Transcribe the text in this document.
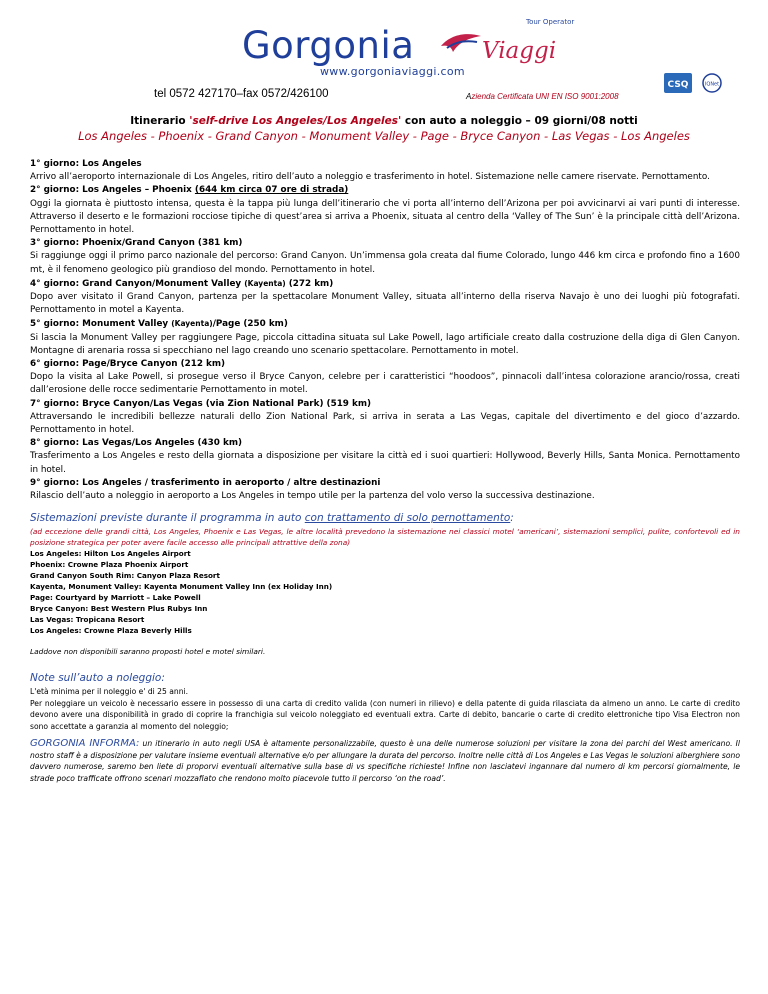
Tour Operator
Gorgonia	Viaggi
www.gorgoniaviaggi.com
CSQ	IQNet
tel 0572 427170–fax 0572/426100	Azienda Certificata UNI EN ISO 9001:2008
Itinerario 'self-drive Los Angeles/Los Angeles' con auto a noleggio – 09 giorni/08 notti
Los Angeles - Phoenix - Grand Canyon - Monument Valley - Page - Bryce Canyon - Las Vegas - Los Angeles
1° giorno: Los Angeles

Arrivo all’aeroporto internazionale di Los Angeles, ritiro dell’auto a noleggio e trasferimento in hotel. Sistemazione nelle camere riservate. Pernottamento.

2° giorno: Los Angeles – Phoenix (644 km circa 07 ore di strada)

Oggi la giornata è piuttosto intensa, questa è la tappa più lunga dell’itinerario che vi porta all’interno dell’Arizona per poi avvicinarvi ai vari punti di interesse. Attraverso il deserto e le formazioni rocciose tipiche di quest’area si arriva a Phoenix, situata al centro della ‘Valley of The Sun’ è la principale città dell’Arizona. Pernottamento in hotel.

3° giorno: Phoenix/Grand Canyon (381 km)

Si raggiunge oggi il primo parco nazionale del percorso: Grand Canyon. Un’immensa gola creata dal fiume Colorado, lungo 446 km circa e profondo fino a 1600 mt, è il fenomeno geologico più grandioso del mondo. Pernottamento in hotel.

4° giorno: Grand Canyon/Monument Valley (Kayenta) (272 km)

Dopo aver visitato il Grand Canyon, partenza per la spettacolare Monument Valley, situata all’interno della riserva Navajo è uno dei luoghi più fotografati. Pernottamento in motel a Kayenta.

5° giorno: Monument Valley (Kayenta)/Page (250 km)

Si lascia la Monument Valley per raggiungere Page, piccola cittadina situata sul Lake Powell, lago artificiale creato dalla costruzione della diga di Glen Canyon. Montagne di arenaria rossa si specchiano nel lago creando uno scenario spettacolare. Pernottamento in motel.

6° giorno: Page/Bryce Canyon (212 km)

Dopo la visita al Lake Powell, si prosegue verso il Bryce Canyon, celebre per i caratteristici “hoodoos”, pinnacoli dall’intesa colorazione arancio/rossa, creati dall’erosione delle rocce sedimentarie Pernottamento in motel.

7° giorno: Bryce Canyon/Las Vegas (via Zion National Park) (519 km)

Attraversando le incredibili bellezze naturali dello Zion National Park, si arriva in serata a Las Vegas, capitale del divertimento e del gioco d’azzardo. Pernottamento in hotel.

8° giorno: Las Vegas/Los Angeles (430 km)

Trasferimento a Los Angeles e resto della giornata a disposizione per visitare la città ed i suoi quartieri: Hollywood, Beverly Hills, Santa Monica. Pernottamento in hotel.

9° giorno: Los Angeles / trasferimento in aeroporto / altre destinazioni

Rilascio dell’auto a noleggio in aeroporto a Los Angeles in tempo utile per la partenza del volo verso la successiva destinazione.

Sistemazioni previste durante il programma in auto con trattamento di solo pernottamento:
(ad eccezione delle grandi città, Los Angeles, Phoenix e Las Vegas, le altre località prevedono la sistemazione nei classici motel ‘americani’, sistemazioni semplici, pulite, confortevoli ed in posizione strategica per poter avere facile accesso alle principali attrattive della zona)
Los Angeles: Hilton Los Angeles Airport
Phoenix: Crowne Plaza Phoenix Airport
Grand Canyon South Rim: Canyon Plaza Resort
Kayenta, Monument Valley: Kayenta Monument Valley Inn (ex Holiday Inn)
Page: Courtyard by Marriott – Lake Powell
Bryce Canyon: Best Western Plus Rubys Inn
Las Vegas: Tropicana Resort
Los Angeles: Crowne Plaza Beverly Hills
Laddove non disponibili saranno proposti hotel e motel similari.
Note sull’auto a noleggio:
L'età minima per il noleggio e' di 25 anni.
Per noleggiare un veicolo è necessario essere in possesso di una carta di credito valida (con numeri in rilievo) e della patente di guida rilasciata da almeno un anno. Le carte di credito devono avere una disponibilità in grado di coprire la franchigia sul veicolo noleggiato ed eventuali extra. Carte di debito, bancarie o carte di credito elettroniche tipo Visa Electron non sono accettate a garanzia al momento del noleggio;
GORGONIA INFORMA: un itinerario in auto negli USA è altamente personalizzabile, questo è una delle numerose soluzioni per visitare la zona dei parchi del West americano. Il nostro staff è a disposizione per valutare insieme eventuali alternative e/o per allungare la durata del percorso. Inoltre nelle città di Los Angeles e Las Vegas le soluzioni alberghiere sono davvero numerose, saremo ben liete di proporvi eventuali alternative sulla base di vs specifiche richieste! Infine non lasciatevi ingannare dal numero di km percorsi giornalmente, le strade poco trafficate offrono scenari mozzafiato che rendono molto piacevole tutto il percorso ‘on the road’.
